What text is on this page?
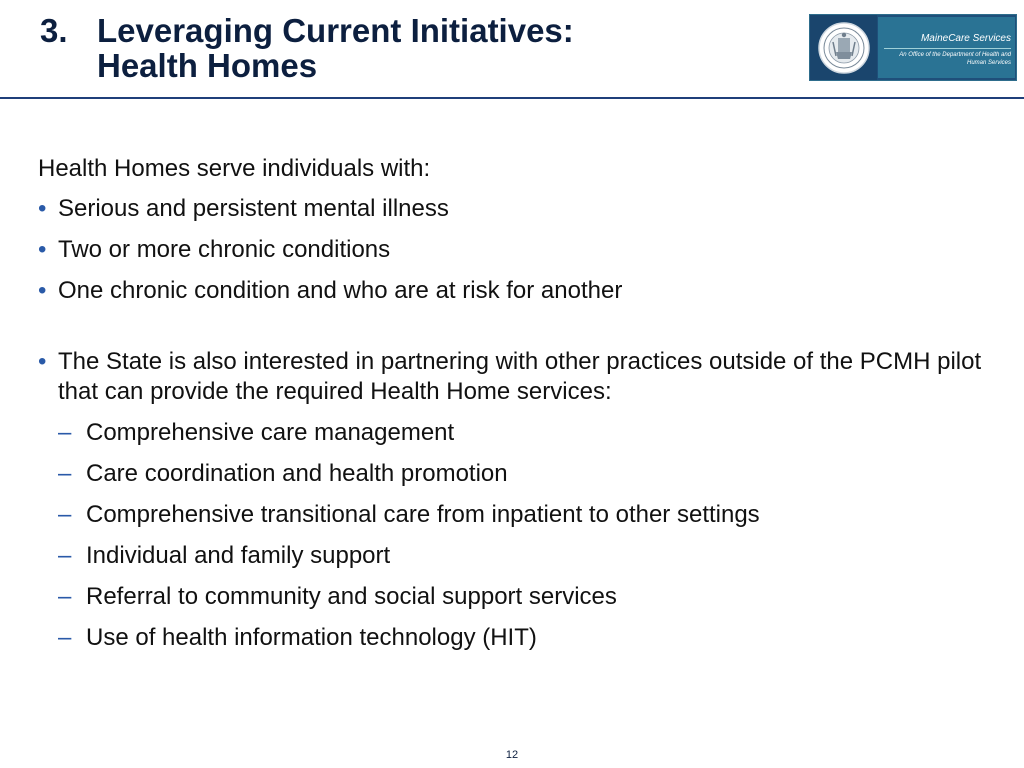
3. Leveraging Current Initiatives:
Health Homes
MaineCare Services
An Office of the Department of Health and Human Services
Health Homes serve individuals with:
• Serious and persistent mental illness
• Two or more chronic conditions
• One chronic condition and who are at risk for another
• The State is also interested in partnering with other practices outside of the PCMH pilot that can provide the required Health Home services:
– Comprehensive care management
– Care coordination and health promotion
– Comprehensive transitional care from inpatient to other settings
– Individual and family support
– Referral to community and social support services
– Use of health information technology (HIT)
12
